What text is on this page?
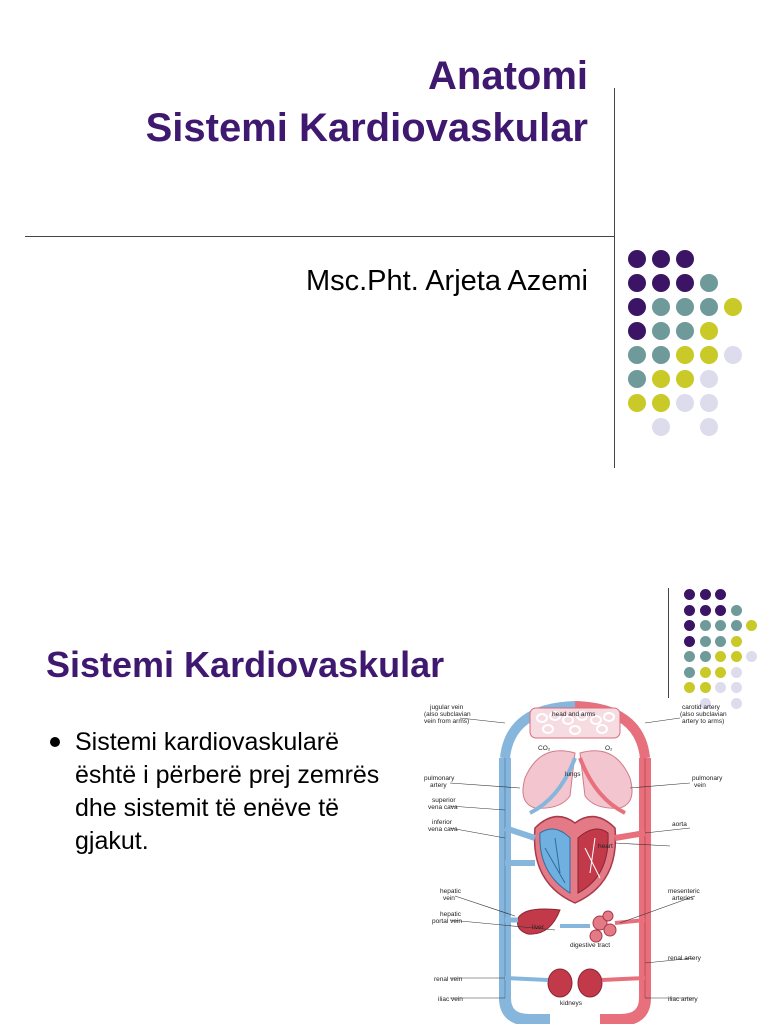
Anatomi
Sistemi Kardiovaskular

Msc.Pht. Arjeta Azemi

Sistemi Kardiovaskular
Sistemi kardiovaskularë është i përberë prej zemrës dhe sistemit të enëve të gjakut.
jugular vein
(also subclavian
vein from arms)
head and arms
carotid artery
(also subclavian
artery to arms)
CO₂	O₂
lungs
pulmonary
artery
pulmonary
vein
superior
vena cava
inferior
vena cava
aorta
heart
hepatic
vein
mesenteric
arteries
liver
hepatic
portal vein
digestive tract
renal artery
renal vein
kidneys
iliac vein	iliac artery
